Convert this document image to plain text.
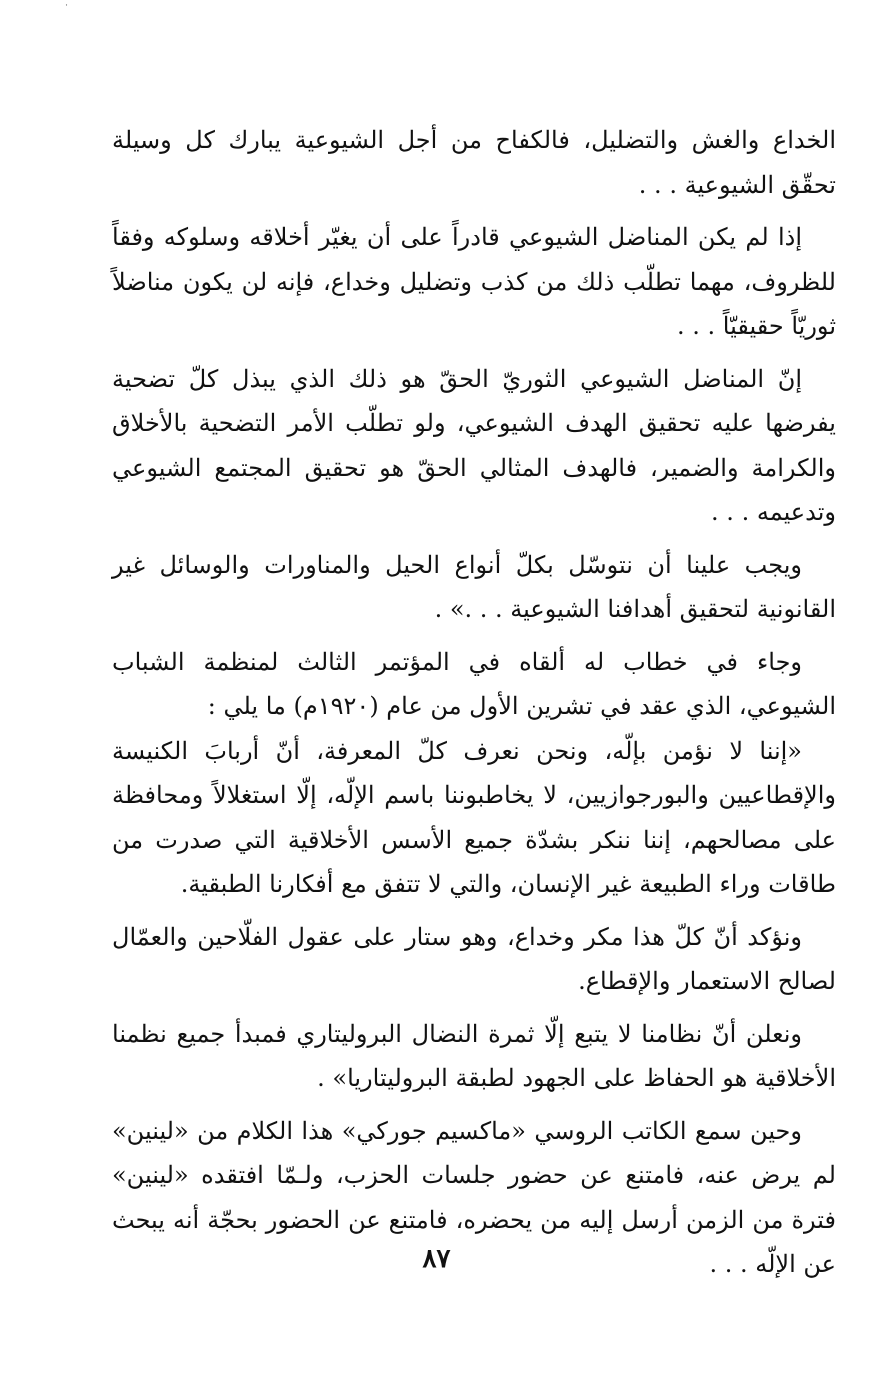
˙

الخداع والغش والتضليل، فالكفاح من أجل الشيوعية يبارك كل وسيلة تحقّق الشيوعية . . .

إذا لم يكن المناضل الشيوعي قادراً على أن يغيّر أخلاقه وسلوكه وفقاً للظروف، مهما تطلّب ذلك من كذب وتضليل وخداع، فإنه لن يكون مناضلاً ثوريّاً حقيقيّاً . . .

إنّ المناضل الشيوعي الثوريّ الحقّ هو ذلك الذي يبذل كلّ تضحية يفرضها عليه تحقيق الهدف الشيوعي، ولو تطلّب الأمر التضحية بالأخلاق والكرامة والضمير، فالهدف المثالي الحقّ هو تحقيق المجتمع الشيوعي وتدعيمه . . .

ويجب علينا أن نتوسّل بكلّ أنواع الحيل والمناورات والوسائل غير القانونية لتحقيق أهدافنا الشيوعية . . .» .

وجاء في خطاب له ألقاه في المؤتمر الثالث لمنظمة الشباب الشيوعي، الذي عقد في تشرين الأول من عام (١٩٢٠م) ما يلي :

«إننا لا نؤمن بإلّه، ونحن نعرف كلّ المعرفة، أنّ أربابَ الكنيسة والإقطاعيين والبورجوازيين، لا يخاطبوننا باسم الإلّه، إلّا استغلالاً ومحافظة على مصالحهم، إننا ننكر بشدّة جميع الأسس الأخلاقية التي صدرت من طاقات وراء الطبيعة غير الإنسان، والتي لا تتفق مع أفكارنا الطبقية.

ونؤكد أنّ كلّ هذا مكر وخداع، وهو ستار على عقول الفلّاحين والعمّال لصالح الاستعمار والإقطاع.

ونعلن أنّ نظامنا لا يتبع إلّا ثمرة النضال البروليتاري فمبدأ جميع نظمنا الأخلاقية هو الحفاظ على الجهود لطبقة البروليتاريا» .

وحين سمع الكاتب الروسي «ماكسيم جوركي» هذا الكلام من «لينين» لم يرض عنه، فامتنع عن حضور جلسات الحزب، ولـمّا افتقده «لينين» فترة من الزمن أرسل إليه من يحضره، فامتنع عن الحضور بحجّة أنه يبحث عن الإلّه . . .

٨٧
